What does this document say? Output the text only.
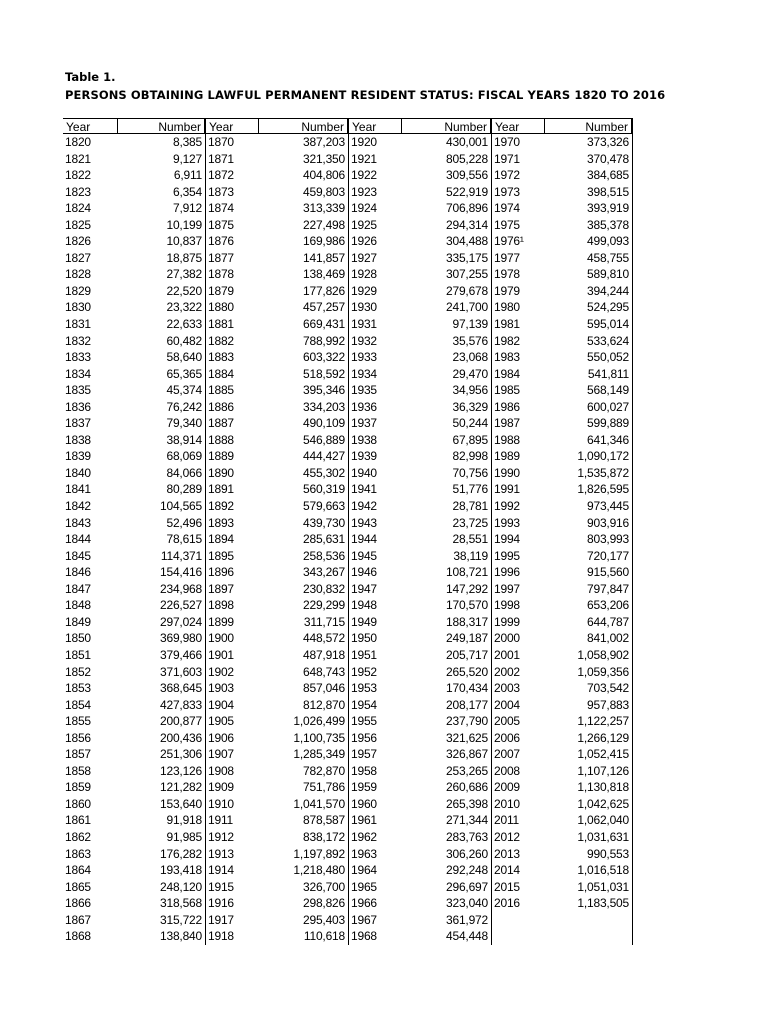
Table 1.
PERSONS OBTAINING LAWFUL PERMANENT RESIDENT STATUS: FISCAL YEARS 1820 TO 2016
Year	Number
1820	8,385
1821	9,127
1822	6,911
1823	6,354
1824	7,912
1825	10,199
1826	10,837
1827	18,875
1828	27,382
1829	22,520
1830	23,322
1831	22,633
1832	60,482
1833	58,640
1834	65,365
1835	45,374
1836	76,242
1837	79,340
1838	38,914
1839	68,069
1840	84,066
1841	80,289
1842	104,565
1843	52,496
1844	78,615
1845	114,371
1846	154,416
1847	234,968
1848	226,527
1849	297,024
1850	369,980
1851	379,466
1852	371,603
1853	368,645
1854	427,833
1855	200,877
1856	200,436
1857	251,306
1858	123,126
1859	121,282
1860	153,640
1861	91,918
1862	91,985
1863	176,282
1864	193,418
1865	248,120
1866	318,568
1867	315,722
1868	138,840
Year	Number
1870	387,203
1871	321,350
1872	404,806
1873	459,803
1874	313,339
1875	227,498
1876	169,986
1877	141,857
1878	138,469
1879	177,826
1880	457,257
1881	669,431
1882	788,992
1883	603,322
1884	518,592
1885	395,346
1886	334,203
1887	490,109
1888	546,889
1889	444,427
1890	455,302
1891	560,319
1892	579,663
1893	439,730
1894	285,631
1895	258,536
1896	343,267
1897	230,832
1898	229,299
1899	311,715
1900	448,572
1901	487,918
1902	648,743
1903	857,046
1904	812,870
1905	1,026,499
1906	1,100,735
1907	1,285,349
1908	782,870
1909	751,786
1910	1,041,570
1911	878,587
1912	838,172
1913	1,197,892
1914	1,218,480
1915	326,700
1916	298,826
1917	295,403
1918	110,618
Year	Number
1920	430,001
1921	805,228
1922	309,556
1923	522,919
1924	706,896
1925	294,314
1926	304,488
1927	335,175
1928	307,255
1929	279,678
1930	241,700
1931	97,139
1932	35,576
1933	23,068
1934	29,470
1935	34,956
1936	36,329
1937	50,244
1938	67,895
1939	82,998
1940	70,756
1941	51,776
1942	28,781
1943	23,725
1944	28,551
1945	38,119
1946	108,721
1947	147,292
1948	170,570
1949	188,317
1950	249,187
1951	205,717
1952	265,520
1953	170,434
1954	208,177
1955	237,790
1956	321,625
1957	326,867
1958	253,265
1959	260,686
1960	265,398
1961	271,344
1962	283,763
1963	306,260
1964	292,248
1965	296,697
1966	323,040
1967	361,972
1968	454,448
Year	Number
1970	373,326
1971	370,478
1972	384,685
1973	398,515
1974	393,919
1975	385,378
1976¹	499,093
1977	458,755
1978	589,810
1979	394,244
1980	524,295
1981	595,014
1982	533,624
1983	550,052
1984	541,811
1985	568,149
1986	600,027
1987	599,889
1988	641,346
1989	1,090,172
1990	1,535,872
1991	1,826,595
1992	973,445
1993	903,916
1994	803,993
1995	720,177
1996	915,560
1997	797,847
1998	653,206
1999	644,787
2000	841,002
2001	1,058,902
2002	1,059,356
2003	703,542
2004	957,883
2005	1,122,257
2006	1,266,129
2007	1,052,415
2008	1,107,126
2009	1,130,818
2010	1,042,625
2011	1,062,040
2012	1,031,631
2013	990,553
2014	1,016,518
2015	1,051,031
2016	1,183,505
